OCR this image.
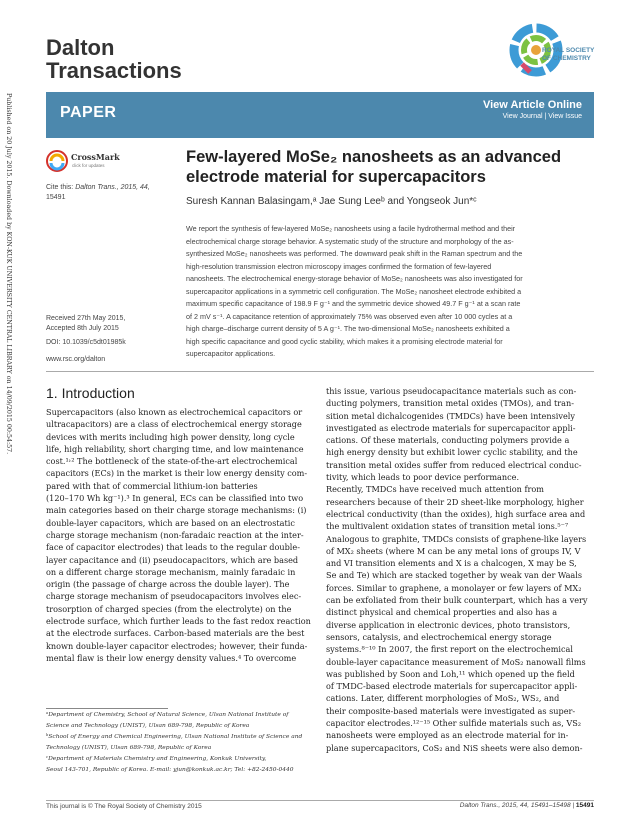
Dalton
Transactions
ROYAL SOCIETY
OF CHEMISTRY
PAPER	View Article Online
View Journal | View Issue
Published on 20 July 2015. Downloaded by KON-KUK UNIVERSITY CENTRAL LIBRARY on 14/09/2015 00:54:57.	CrossMark
click for updates
Cite this: Dalton Trans., 2015, 44,
15491
Received 27th May 2015,
Accepted 8th July 2015
DOI: 10.1039/c5dt01985k
www.rsc.org/dalton
Few-layered MoSe₂ nanosheets as an advanced
electrode material for supercapacitors
Suresh Kannan Balasingam,ᵃ Jae Sung Leeᵇ and Yongseok Jun*ᶜ
We report the synthesis of few-layered MoSe₂ nanosheets using a facile hydrothermal method and their
electrochemical charge storage behavior. A systematic study of the structure and morphology of the as-
synthesized MoSe₂ nanosheets was performed. The downward peak shift in the Raman spectrum and the
high-resolution transmission electron microscopy images confirmed the formation of few-layered
nanosheets. The electrochemical energy-storage behavior of MoSe₂ nanosheets was also investigated for
supercapacitor applications in a symmetric cell configuration. The MoSe₂ nanosheet electrode exhibited a
maximum specific capacitance of 198.9 F g⁻¹ and the symmetric device showed 49.7 F g⁻¹ at a scan rate
of 2 mV s⁻¹. A capacitance retention of approximately 75% was observed even after 10 000 cycles at a
high charge–discharge current density of 5 A g⁻¹. The two-dimensional MoSe₂ nanosheets exhibited a
high specific capacitance and good cyclic stability, which makes it a promising electrode material for
supercapacitor applications.
1. Introduction
Supercapacitors (also known as electrochemical capacitors or
ultracapacitors) are a class of electrochemical energy storage
devices with merits including high power density, long cycle
life, high reliability, short charging time, and low maintenance
cost.¹˒² The bottleneck of the state-of-the-art electrochemical
capacitors (ECs) in the market is their low energy density com-
pared with that of commercial lithium-ion batteries
(120–170 Wh kg⁻¹).³ In general, ECs can be classified into two
main categories based on their charge storage mechanisms: (i)
double-layer capacitors, which are based on an electrostatic
charge storage mechanism (non-faradaic reaction at the inter-
face of capacitor electrodes) that leads to the regular double-
layer capacitance and (ii) pseudocapacitors, which are based
on a different charge storage mechanism, mainly faradaic in
origin (the passage of charge across the double layer). The
charge storage mechanism of pseudocapacitors involves elec-
trosorption of charged species (from the electrolyte) on the
electrode surface, which further leads to the fast redox reaction
at the electrode surfaces. Carbon-based materials are the best
known double-layer capacitor electrodes; however, their funda-
mental flaw is their low energy density values.⁴ To overcome
this issue, various pseudocapacitance materials such as con-
ducting polymers, transition metal oxides (TMOs), and tran-
sition metal dichalcogenides (TMDCs) have been intensively
investigated as electrode materials for supercapacitor appli-
cations. Of these materials, conducting polymers provide a
high energy density but exhibit lower cyclic stability, and the
transition metal oxides suffer from reduced electrical conduc-
tivity, which leads to poor device performance.
Recently, TMDCs have received much attention from
researchers because of their 2D sheet-like morphology, higher
electrical conductivity (than the oxides), high surface area and
the multivalent oxidation states of transition metal ions.⁵⁻⁷
Analogous to graphite, TMDCs consists of graphene-like layers
of MX₂ sheets (where M can be any metal ions of groups IV, V
and VI transition elements and X is a chalcogen, X may be S,
Se and Te) which are stacked together by weak van der Waals
forces. Similar to graphene, a monolayer or few layers of MX₂
can be exfoliated from their bulk counterpart, which has a very
distinct physical and chemical properties and also has a
diverse application in electronic devices, photo transistors,
sensors, catalysis, and electrochemical energy storage
systems.⁸⁻¹⁰ In 2007, the first report on the electrochemical
double-layer capacitance measurement of MoS₂ nanowall films
was published by Soon and Loh,¹¹ which opened up the field
of TMDC-based electrode materials for supercapacitor appli-
cations. Later, different morphologies of MoS₂, WS₂, and
their composite-based materials were investigated as super-
capacitor electrodes.¹²⁻¹⁵ Other sulfide materials such as, VS₂
nanosheets were employed as an electrode material for in-
plane supercapacitors, CoS₂ and NiS sheets were also demon-
ᵃDepartment of Chemistry, School of Natural Science, Ulsan National Institute of
Science and Technology (UNIST), Ulsan 689-798, Republic of Korea
ᵇSchool of Energy and Chemical Engineering, Ulsan National Institute of Science and
Technology (UNIST), Ulsan 689-798, Republic of Korea
ᶜDepartment of Materials Chemistry and Engineering, Konkuk University,
Seoul 143-701, Republic of Korea. E-mail: yjun@konkuk.ac.kr; Tel: +82-2450-0440
This journal is © The Royal Society of Chemistry 2015	Dalton Trans., 2015, 44, 15491–15498 | 15491
